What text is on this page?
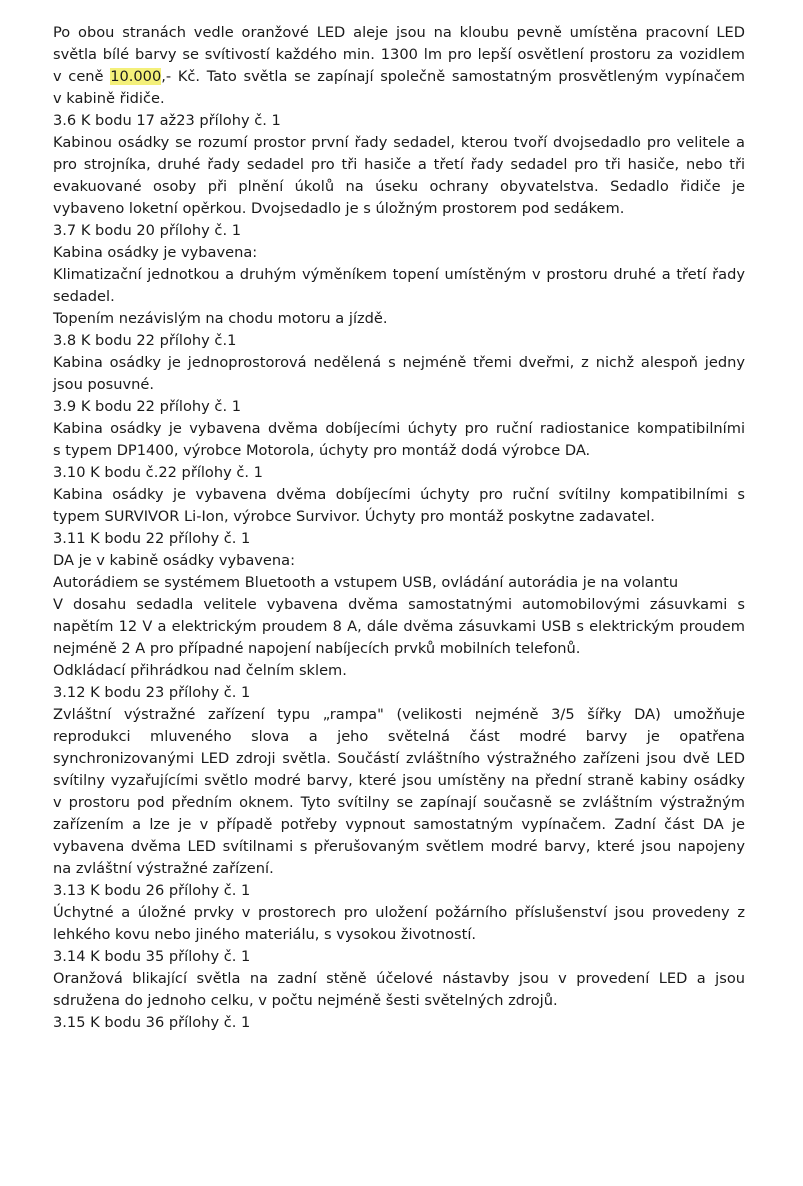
Po obou stranách vedle oranžové LED aleje jsou na kloubu pevně umístěna pracovní LED
světla bílé barvy se svítivostí každého min. 1300 lm pro lepší osvětlení prostoru za vozidlem
v ceně 10.000,- Kč. Tato světla se zapínají společně samostatným prosvětleným vypínačem
v kabině řidiče.
3.6 K bodu 17 až23 přílohy č. 1
Kabinou osádky se rozumí prostor první řady sedadel, kterou tvoří dvojsedadlo pro velitele a
pro strojníka, druhé řady sedadel pro tři hasiče a třetí řady sedadel pro tři hasiče, nebo tři
evakuované osoby při plnění úkolů na úseku ochrany obyvatelstva. Sedadlo řidiče je
vybaveno loketní opěrkou. Dvojsedadlo je s úložným prostorem pod sedákem.
3.7 K bodu 20 přílohy č. 1
Kabina osádky je vybavena:
Klimatizační jednotkou a druhým výměníkem topení umístěným v prostoru druhé a třetí řady
sedadel.
Topením nezávislým na chodu motoru a jízdě.
3.8 K bodu 22 přílohy č.1
Kabina osádky je jednoprostorová nedělená s nejméně třemi dveřmi, z nichž alespoň jedny
jsou posuvné.
3.9 K bodu 22 přílohy č. 1
Kabina osádky je vybavena dvěma dobíjecími úchyty pro ruční radiostanice kompatibilními
s typem DP1400, výrobce Motorola, úchyty pro montáž dodá výrobce DA.
3.10 K bodu č.22 přílohy č. 1
Kabina osádky je vybavena dvěma dobíjecími úchyty pro ruční svítilny kompatibilními s
typem SURVIVOR Li-Ion, výrobce Survivor. Úchyty pro montáž poskytne zadavatel.
3.11 K bodu 22 přílohy č. 1
DA je v kabině osádky vybavena:
Autorádiem se systémem Bluetooth a vstupem USB, ovládání autorádia je na volantu
V dosahu sedadla velitele vybavena dvěma samostatnými automobilovými zásuvkami s
napětím 12 V a elektrickým proudem 8 A, dále dvěma zásuvkami USB s elektrickým proudem
nejméně 2 A pro případné napojení nabíjecích prvků mobilních telefonů.
Odkládací přihrádkou nad čelním sklem.
3.12 K bodu 23 přílohy č. 1
Zvláštní výstražné zařízení typu „rampa" (velikosti nejméně 3/5 šířky DA) umožňuje
reprodukci mluveného slova a jeho světelná část modré barvy je opatřena
synchronizovanými LED zdroji světla. Součástí zvláštního výstražného zařízeni jsou dvě LED
svítilny vyzařujícími světlo modré barvy, které jsou umístěny na přední straně kabiny osádky
v prostoru pod předním oknem. Tyto svítilny se zapínají současně se zvláštním výstražným
zařízením a lze je v případě potřeby vypnout samostatným vypínačem. Zadní část DA je
vybavena dvěma LED svítilnami s přerušovaným světlem modré barvy, které jsou napojeny
na zvláštní výstražné zařízení.
3.13 K bodu 26 přílohy č. 1
Úchytné a úložné prvky v prostorech pro uložení požárního příslušenství jsou provedeny z
lehkého kovu nebo jiného materiálu, s vysokou životností.
3.14 K bodu 35 přílohy č. 1
Oranžová blikající světla na zadní stěně účelové nástavby jsou v provedení LED a jsou
sdružena do jednoho celku, v počtu nejméně šesti světelných zdrojů.
3.15 K bodu 36 přílohy č. 1
